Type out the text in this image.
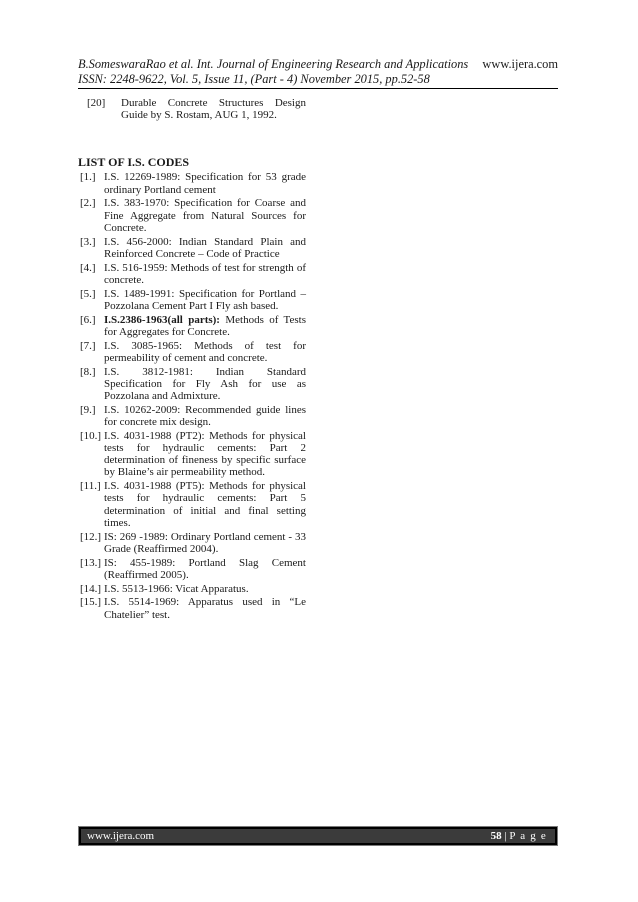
B.SomeswaraRao et al. Int. Journal of Engineering Research and Applications www.ijera.com
ISSN: 2248-9622, Vol. 5, Issue 11, (Part - 4) November 2015, pp.52-58
[20]	Durable Concrete Structures Design Guide by S. Rostam, AUG 1, 1992.
LIST OF I.S. CODES
[1.] I.S. 12269-1989: Specification for 53 grade ordinary Portland cement
[2.] I.S. 383-1970: Specification for Coarse and Fine Aggregate from Natural Sources for Concrete.
[3.] I.S. 456-2000: Indian Standard Plain and Reinforced Concrete – Code of Practice
[4.] I.S. 516-1959: Methods of test for strength of concrete.
[5.] I.S. 1489-1991: Specification for Portland – Pozzolana Cement Part I Fly ash based.
[6.] I.S.2386-1963(all parts): Methods of Tests for Aggregates for Concrete.
[7.] I.S. 3085-1965: Methods of test for permeability of cement and concrete.
[8.] I.S. 3812-1981: Indian Standard Specification for Fly Ash for use as Pozzolana and Admixture.
[9.] I.S. 10262-2009: Recommended guide lines for concrete mix design.
[10.] I.S. 4031-1988 (PT2): Methods for physical tests for hydraulic cements: Part 2 determination of fineness by specific surface by Blaine’s air permeability method.
[11.] I.S. 4031-1988 (PT5): Methods for physical tests for hydraulic cements: Part 5 determination of initial and final setting times.
[12.] IS: 269 -1989: Ordinary Portland cement - 33 Grade (Reaffirmed 2004).
[13.] IS: 455-1989: Portland Slag Cement (Reaffirmed 2005).
[14.] I.S. 5513-1966: Vicat Apparatus.
[15.] I.S. 5514-1969: Apparatus used in “Le Chatelier” test.
www.ijera.com	58 | P a g e
